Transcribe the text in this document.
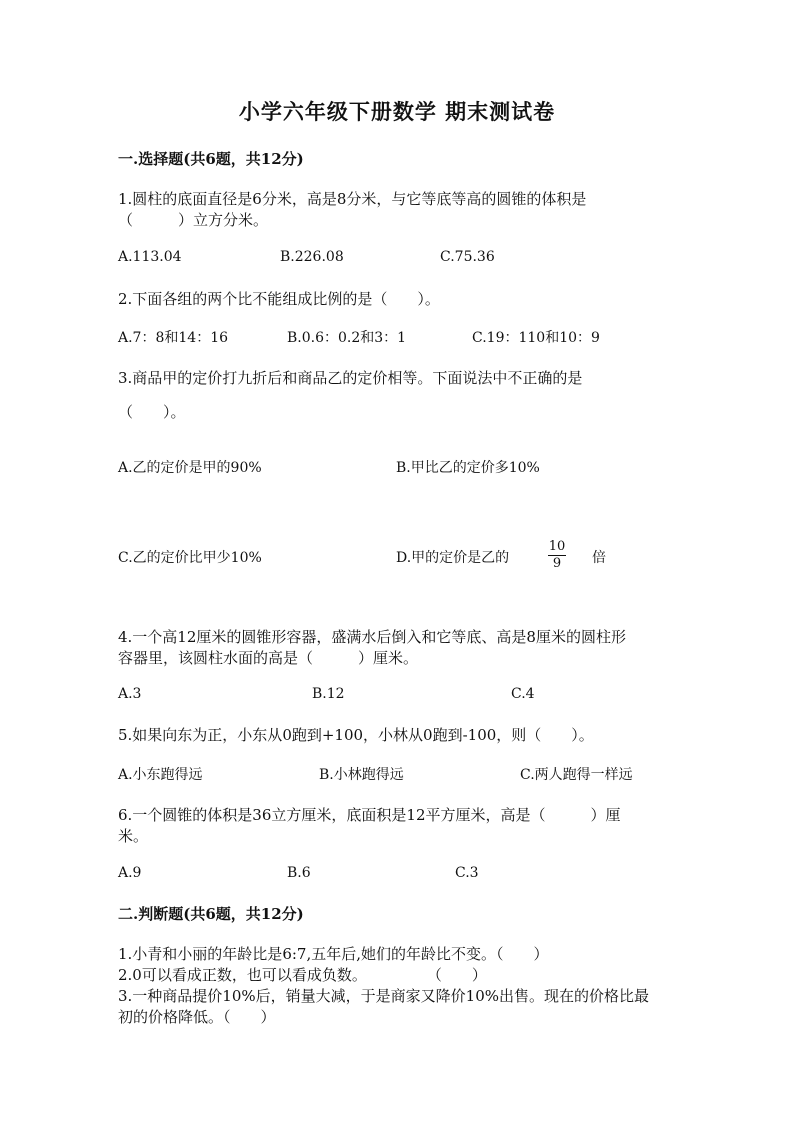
小学六年级下册数学 期末测试卷
一.选择题(共6题，共12分)
1.圆柱的底面直径是6分米，高是8分米，与它等底等高的圆锥的体积是
（　　　）立方分米。
A.113.04	B.226.08	C.75.36
2.下面各组的两个比不能组成比例的是（　　）。
A.7：8和14：16	B.0.6：0.2和3：1	C.19：110和10：9
3.商品甲的定价打九折后和商品乙的定价相等。下面说法中不正确的是
（　　）。
A.乙的定价是甲的90%	B.甲比乙的定价多10%
C.乙的定价比甲少10%	D.甲的定价是乙的
10
9	倍
4.一个高12厘米的圆锥形容器，盛满水后倒入和它等底、高是8厘米的圆柱形
容器里，该圆柱水面的高是（　　　）厘米。
A.3	B.12	C.4
5.如果向东为正，小东从0跑到+100，小林从0跑到-100，则（　　）。
A.小东跑得远	B.小林跑得远	C.两人跑得一样远
6.一个圆锥的体积是36立方厘米，底面积是12平方厘米，高是（　　　）厘
米。
A.9	B.6	C.3
二.判断题(共6题，共12分)
1.小青和小丽的年龄比是6:7,五年后,她们的年龄比不变。（　　）
2.0可以看成正数，也可以看成负数。　　　　　（　　）
3.一种商品提价10%后，销量大减，于是商家又降价10%出售。现在的价格比最
初的价格降低。（　　）
